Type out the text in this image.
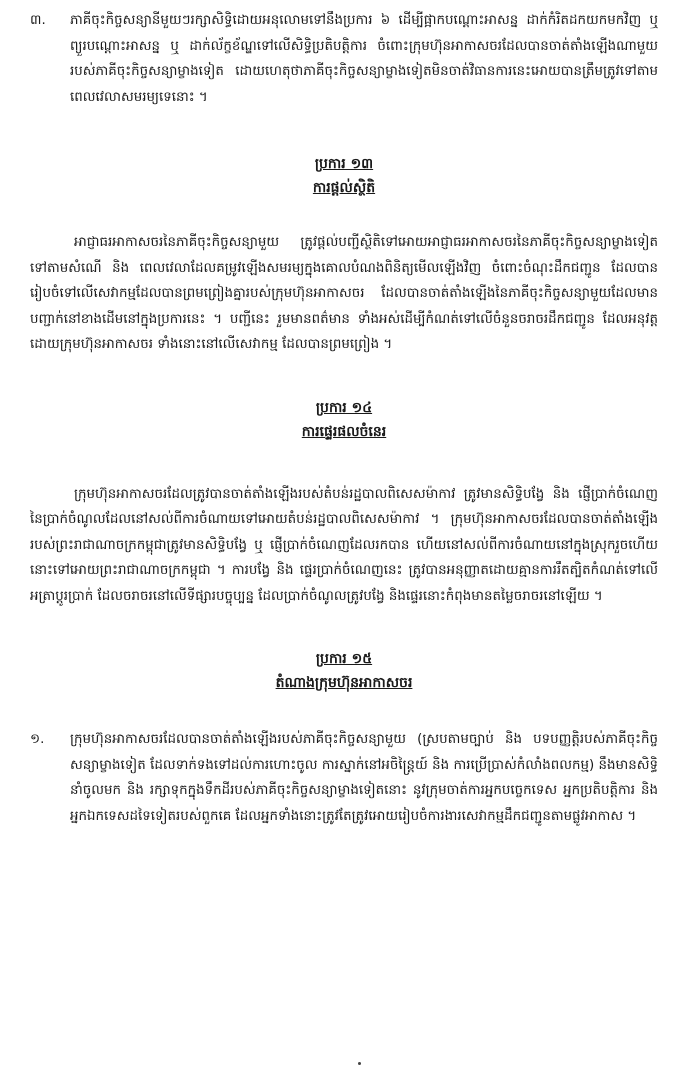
៣.	ភាគីចុះកិច្ចសន្យានីមួយៗរក្សាសិទ្ធិដោយអនុលោមទៅនឹងប្រការ ៦ ដើម្បីផ្អាកបណ្ដោះអាសន្ន ដាក់កំរិតដកយកមកវិញ ឬ ព្យួរបណ្ដោះអាសន្ន ឬ ដាក់ល័ក្ខខ័ណ្ឌទៅលើសិទ្ធិប្រតិបត្តិការ ចំពោះក្រុមហ៊ុនអាកាសចរដែលបានចាត់តាំងឡើងណាមួយរបស់ភាគីចុះកិច្ចសន្យាម្ខាងទៀត ដោយហេតុថាភាគីចុះកិច្ចសន្យាម្ខាងទៀតមិនចាត់វិធានការនេះអោយបានត្រឹមត្រូវទៅតាមពេលវេលាសមរម្យទេនោះ ។

ប្រការ ១៣
ការផ្ដល់ស្ថិតិ

អាជ្ញាធរអាកាសចរនៃភាគីចុះកិច្ចសន្យាមួយ ត្រូវផ្ដល់បញ្ជីស្ថិតិទៅអោយអាជ្ញាធរអាកាសចរនៃភាគីចុះកិច្ចសន្យាម្ខាងទៀត ទៅតាមសំណើ និង ពេលវេលាដែលគម្រូវឡើងសមរម្យក្នុងគោលបំណងពិនិត្យមើលឡើងវិញ ចំពោះចំណុះដឹកជញ្ជូន ដែលបានរៀបចំទៅលើសេវាកម្មដែលបានព្រមព្រៀងគ្នារបស់ក្រុមហ៊ុនអាកាសចរ ដែលបានចាត់តាំងឡើងនៃភាគីចុះកិច្ចសន្យាមួយដែលមានបញ្ជាក់នៅខាងដើមនៅក្នុងប្រការនេះ ។ បញ្ជីនេះ រួមមានពត៌មាន ទាំងអស់ដើម្បីកំណត់ទៅលើចំនួនចរាចរដឹកជញ្ជូន ដែលអនុវត្តដោយក្រុមហ៊ុនអាកាសចរ ទាំងនោះនៅលើសេវាកម្ម ដែលបានព្រមព្រៀង ។

ប្រការ ១៤
ការផ្ទេរផលចំនេរ

ក្រុមហ៊ុនអាកាសចរដែលត្រូវបានចាត់តាំងឡើងរបស់តំបន់រដ្ឋបាលពិសេសម៉ាកាវ ត្រូវមានសិទ្ធិបង្វែ និង ផ្ញើប្រាក់ចំណេញនៃប្រាក់ចំណូលដែលនៅសល់ពីការចំណាយទៅអោយតំបន់រដ្ឋបាលពិសេសម៉ាកាវ ។ ក្រុមហ៊ុនអាកាសចរដែលបានចាត់តាំងឡើងរបស់ព្រះរាជាណាចក្រកម្ពុជាត្រូវមានសិទ្ធិបង្វែ ឬ ផ្ញើប្រាក់ចំណេញដែលរកបាន ហើយនៅសល់ពីការចំណាយនៅក្នុងស្រុករួចហើយនោះទៅអោយព្រះរាជាណាចក្រកម្ពុជា ។ ការបង្វែ និង ផ្ទេរប្រាក់ចំណេញនេះ ត្រូវបានអនុញ្ញាតដោយគ្មានការរឹតត្បិតកំណត់ទៅលើអត្រាប្ដូរប្រាក់ ដែលចរាចរនៅលើទីផ្សារបច្ចុប្បន្ន ដែលប្រាក់ចំណូលត្រូវបង្វែ និងផ្ទេរនោះកំពុងមានតម្លៃចរាចរនៅឡើយ ។

ប្រការ ១៥
តំណាងក្រុមហ៊ុនអាកាសចរ

១.	ក្រុមហ៊ុនអាកាសចរដែលបានចាត់តាំងឡើងរបស់ភាគីចុះកិច្ចសន្យាមួយ (ស្របតាមច្បាប់ និង បទបញ្ញត្តិរបស់ភាគីចុះកិច្ចសន្យាម្ខាងទៀត ដែលទាក់ទងទៅដល់ការហោះចូល ការស្នាក់នៅអចិន្ត្រៃយ៍ និង ការប្រើប្រាស់កំលាំងពលកម្ម) នឹងមានសិទ្ធិនាំចូលមក និង រក្សាទុកក្នុងទឹកដីរបស់ភាគីចុះកិច្ចសន្យាម្ខាងទៀតនោះ នូវក្រុមចាត់ការអ្នកបច្ចេកទេស អ្នកប្រតិបត្តិការ និង អ្នកឯកទេសដទៃទៀតរបស់ពួកគេ ដែលអ្នកទាំងនោះត្រូវតែត្រូវអោយរៀបចំការងារសេវាកម្មដឹកជញ្ជូនតាមផ្លូវអាកាស ។
